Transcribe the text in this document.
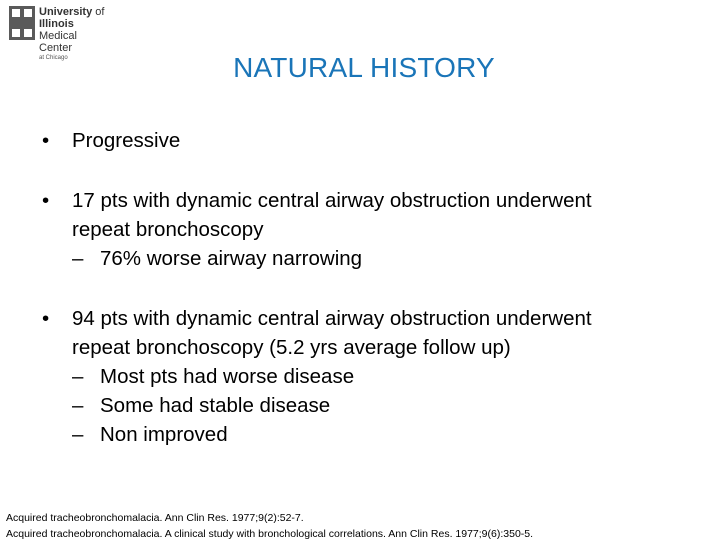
University of
Illinois
Medical Center
at Chicago	NATURAL HISTORY
• Progressive
• 17 pts with dynamic central airway obstruction underwent
repeat bronchoscopy
– 76% worse airway narrowing
• 94 pts with dynamic central airway obstruction underwent
repeat bronchoscopy (5.2 yrs average follow up)
– Most pts had worse disease
– Some had stable disease
– Non improved
Acquired tracheobronchomalacia. Ann Clin Res. 1977;9(2):52-7.
Acquired tracheobronchomalacia. A clinical study with bronchological correlations. Ann Clin Res. 1977;9(6):350-5.
